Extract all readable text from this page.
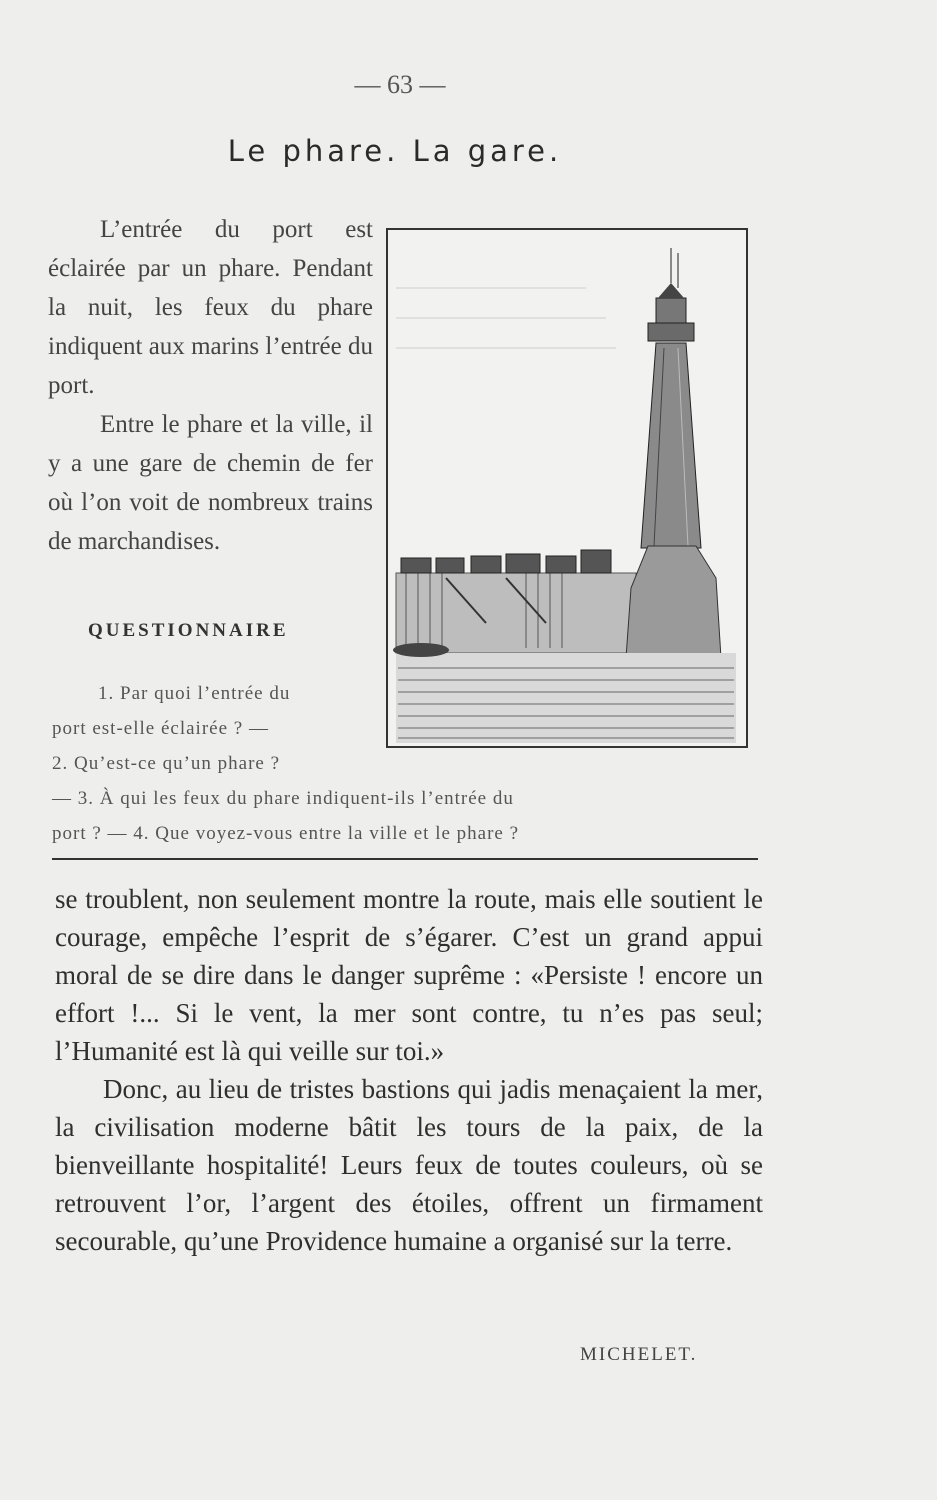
— 63 —
Le phare. La gare.

L’entrée du port est éclairée par un phare. Pendant la nuit, les feux du phare indiquent aux marins l’entrée du port.

Entre le phare et la ville, il y a une gare de chemin de fer où l’on voit de nombreux trains de marchandises.

QUESTIONNAIRE
1. Par quoi l’entrée du
port est-elle éclairée ? —
2. Qu’est-ce qu’un phare ?
— 3. À qui les feux du phare indiquent-ils l’entrée du
port ? — 4. Que voyez-vous entre la ville et le phare ?

se troublent, non seulement montre la route, mais elle soutient le courage, empêche l’esprit de s’égarer. C’est un grand appui moral de se dire dans le danger suprême : «Persiste ! encore un effort !... Si le vent, la mer sont contre, tu n’es pas seul; l’Humanité est là qui veille sur toi.»

Donc, au lieu de tristes bastions qui jadis menaçaient la mer, la civilisation moderne bâtit les tours de la paix, de la bienveillante hospitalité! Leurs feux de toutes couleurs, où se retrouvent l’or, l’argent des étoiles, offrent un firmament secourable, qu’une Providence humaine a organisé sur la terre.

MICHELET.
